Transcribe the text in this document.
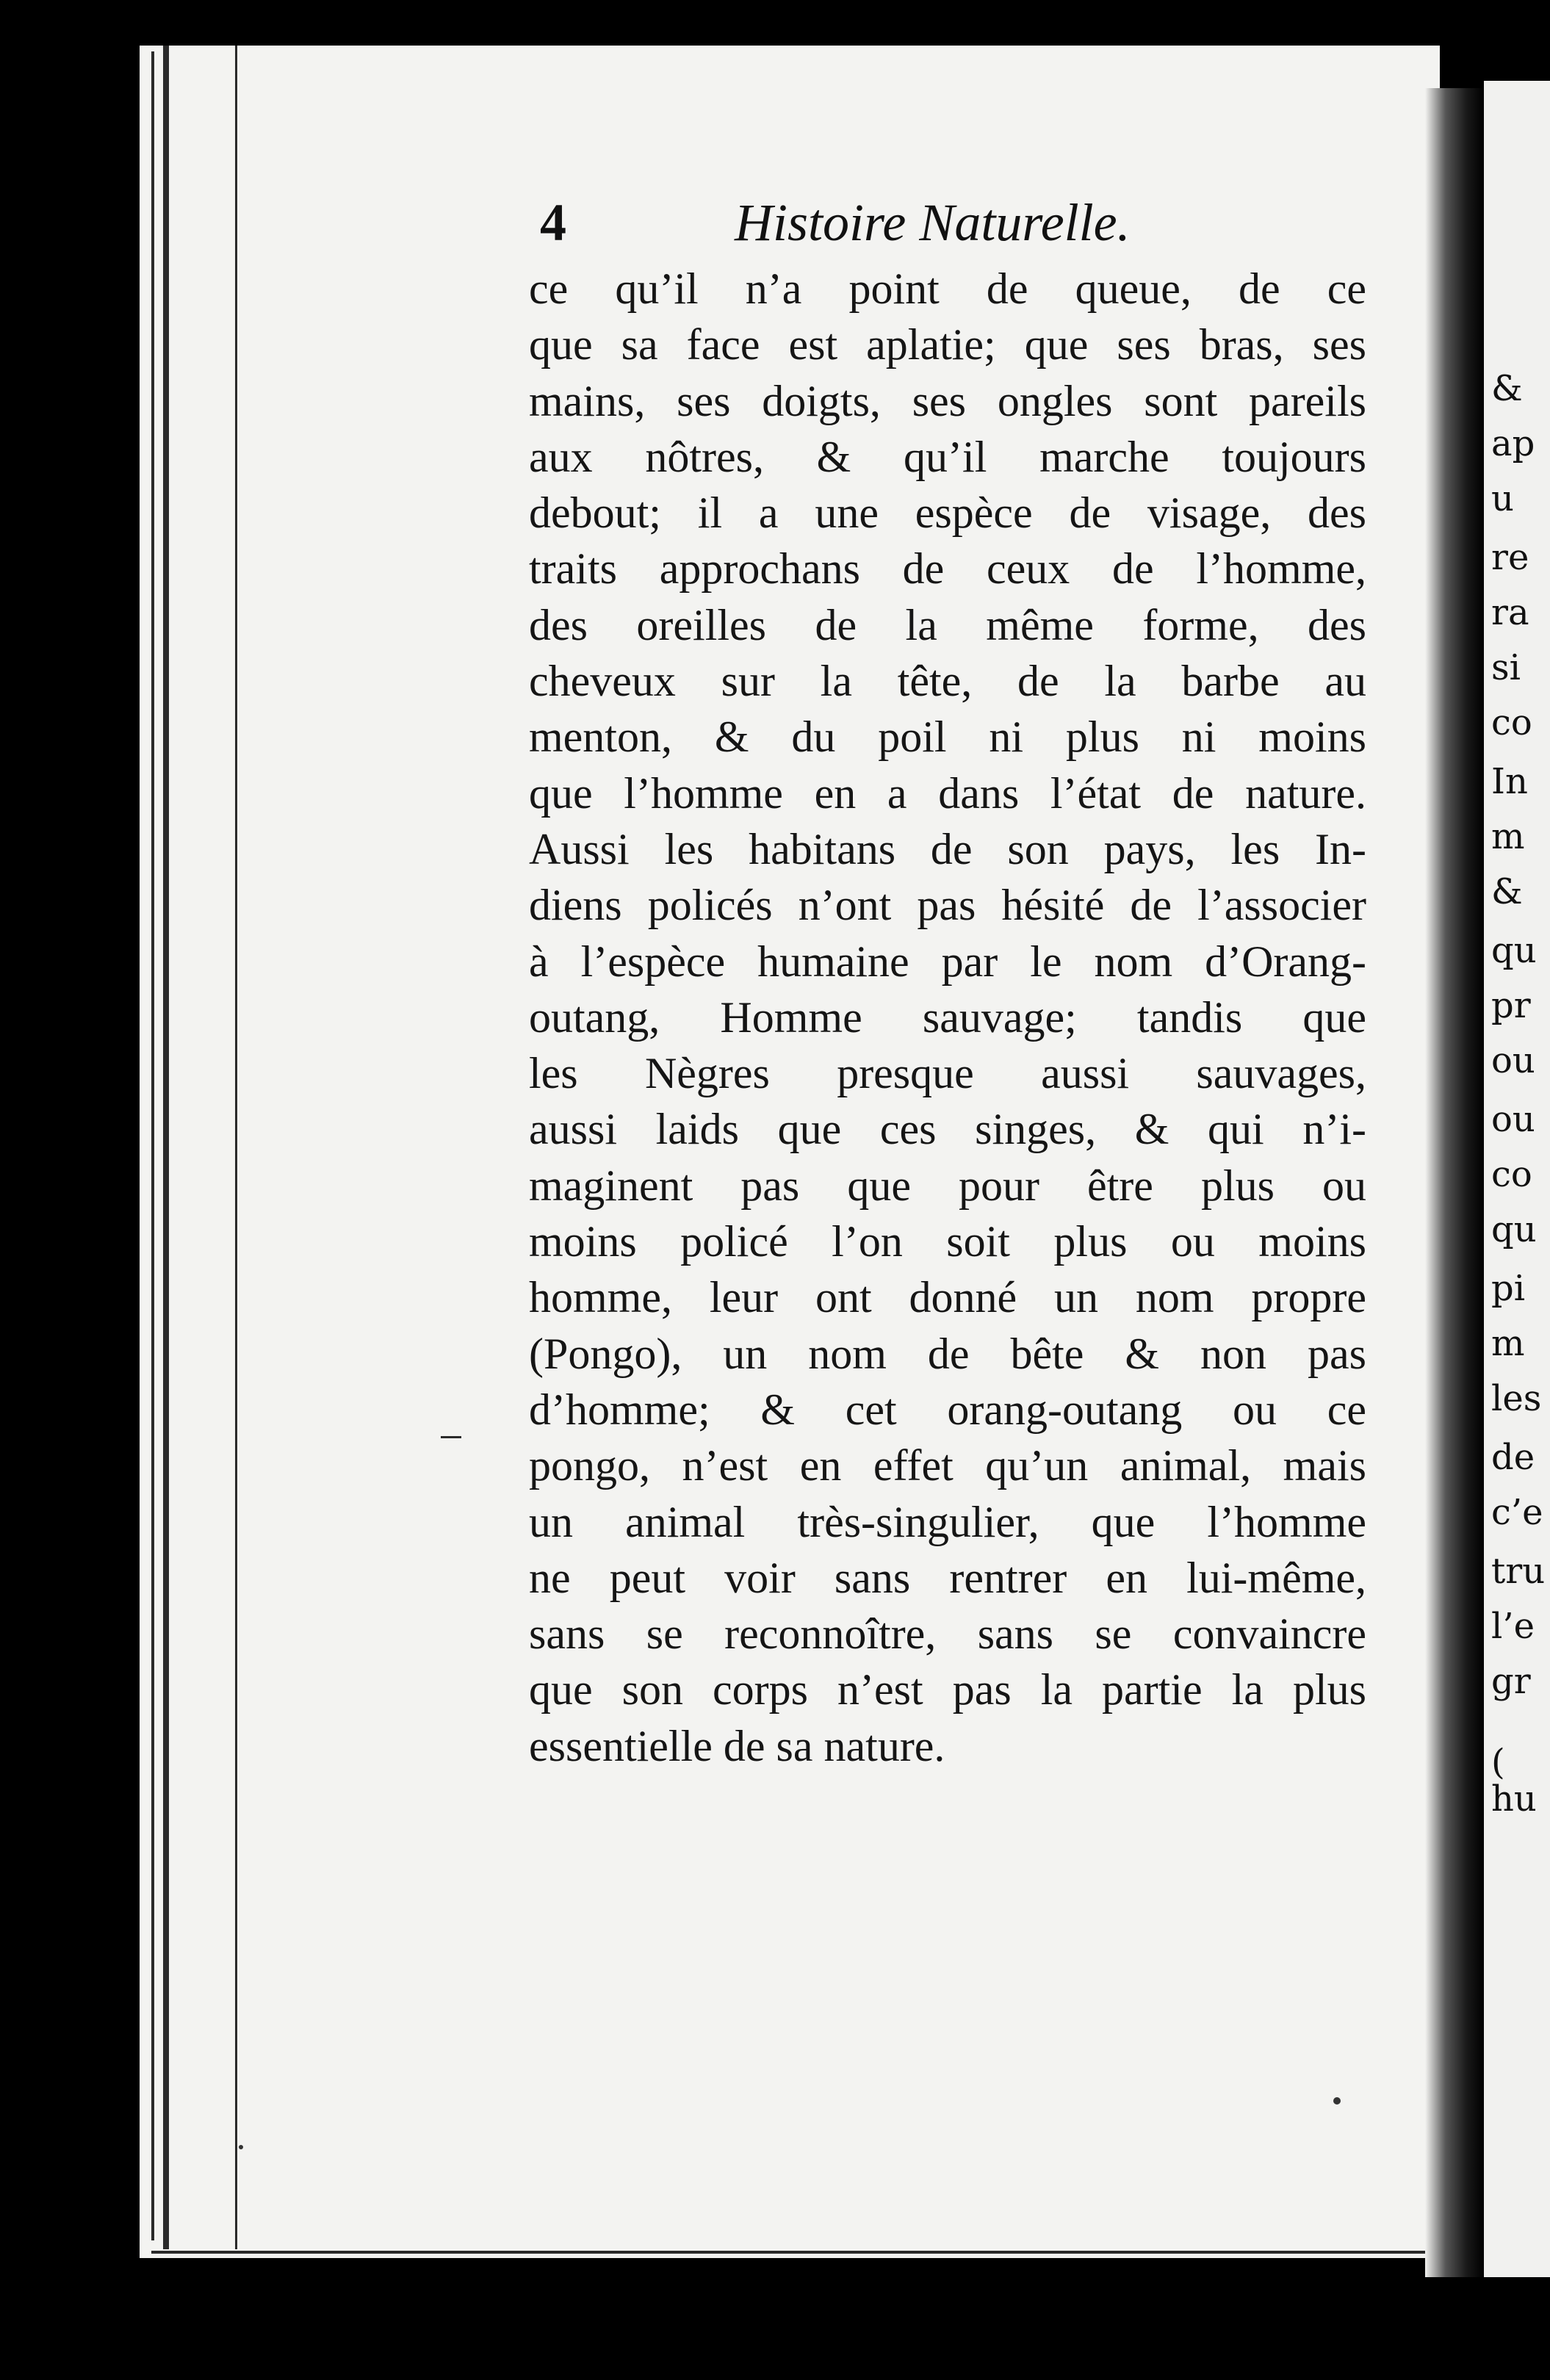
&
ap
u
re
ra
si
co
In
m
&
qu
pr
ou
ou
co
qu
pi
m
les
de
c’e
tru
l’e
gr
(
hu
4	Histoire Naturelle.
ce qu’il n’a point de queue, de ce
que sa face est aplatie; que ses bras, ses
mains, ses doigts, ses ongles sont pareils
aux nôtres, & qu’il marche toujours
debout; il a une espèce de visage, des
traits approchans de ceux de l’homme,
des oreilles de la même forme, des
cheveux sur la tête, de la barbe au
menton, & du poil ni plus ni moins
que l’homme en a dans l’état de nature.
Aussi les habitans de son pays, les In-
diens policés n’ont pas hésité de l’associer
à l’espèce humaine par le nom d’Orang-
outang, Homme sauvage; tandis que
les Nègres presque aussi sauvages,
aussi laids que ces singes, & qui n’i-
maginent pas que pour être plus ou
moins policé l’on soit plus ou moins
homme, leur ont donné un nom propre
(Pongo), un nom de bête & non pas
d’homme; & cet orang-outang ou ce
pongo, n’est en effet qu’un animal, mais
un animal très-singulier, que l’homme
ne peut voir sans rentrer en lui-même,
sans se reconnoître, sans se convaincre
que son corps n’est pas la partie la plus
essentielle de sa nature.
